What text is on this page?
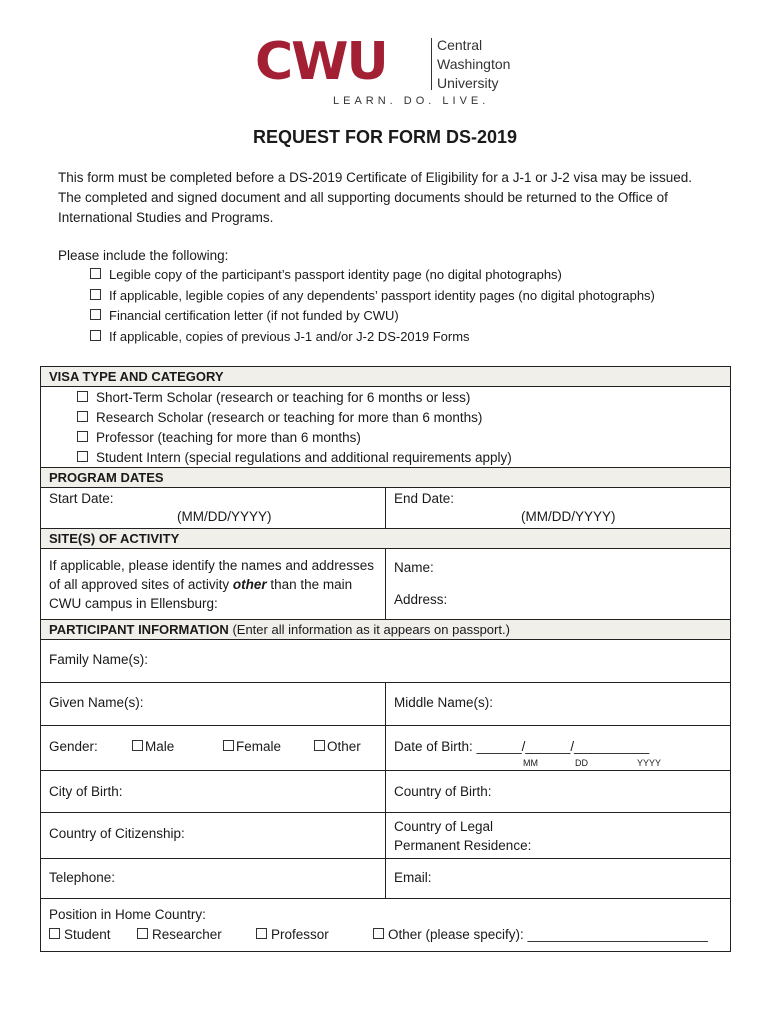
CWU	Central
Washington
University
LEARN. DO. LIVE.
REQUEST FOR FORM DS-2019
This form must be completed before a DS-2019 Certificate of Eligibility for a J-1 or J-2 visa may be issued. The completed and signed document and all supporting documents should be returned to the Office of International Studies and Programs.
Please include the following:
Legible copy of the participant’s passport identity page (no digital photographs)
If applicable, legible copies of any dependents’ passport identity pages (no digital photographs)
Financial certification letter (if not funded by CWU)
If applicable, copies of previous J-1 and/or J-2 DS-2019 Forms
VISA TYPE AND CATEGORY
Short-Term Scholar (research or teaching for 6 months or less)
Research Scholar (research or teaching for more than 6 months)
Professor (teaching for more than 6 months)
Student Intern (special regulations and additional requirements apply)
PROGRAM DATES
Start Date:	End Date:
(MM/DD/YYYY)	(MM/DD/YYYY)
SITE(S) OF ACTIVITY
If applicable, please identify the names and addresses of all approved sites of activity other than the main CWU campus in Ellensburg:
Name:
Address:
PARTICIPANT INFORMATION (Enter all information as it appears on passport.)
Family Name(s):
Given Name(s):	Middle Name(s):
Gender:	Male	Female	Other Date of Birth: ______/______/__________
MM	DD	YYYY
City of Birth:	Country of Birth:
Country of Citizenship:	Country of Legal
Permanent Residence:
Telephone:	Email:
Position in Home Country:
Student	Researcher	Professor	Other (please specify): ________________________
